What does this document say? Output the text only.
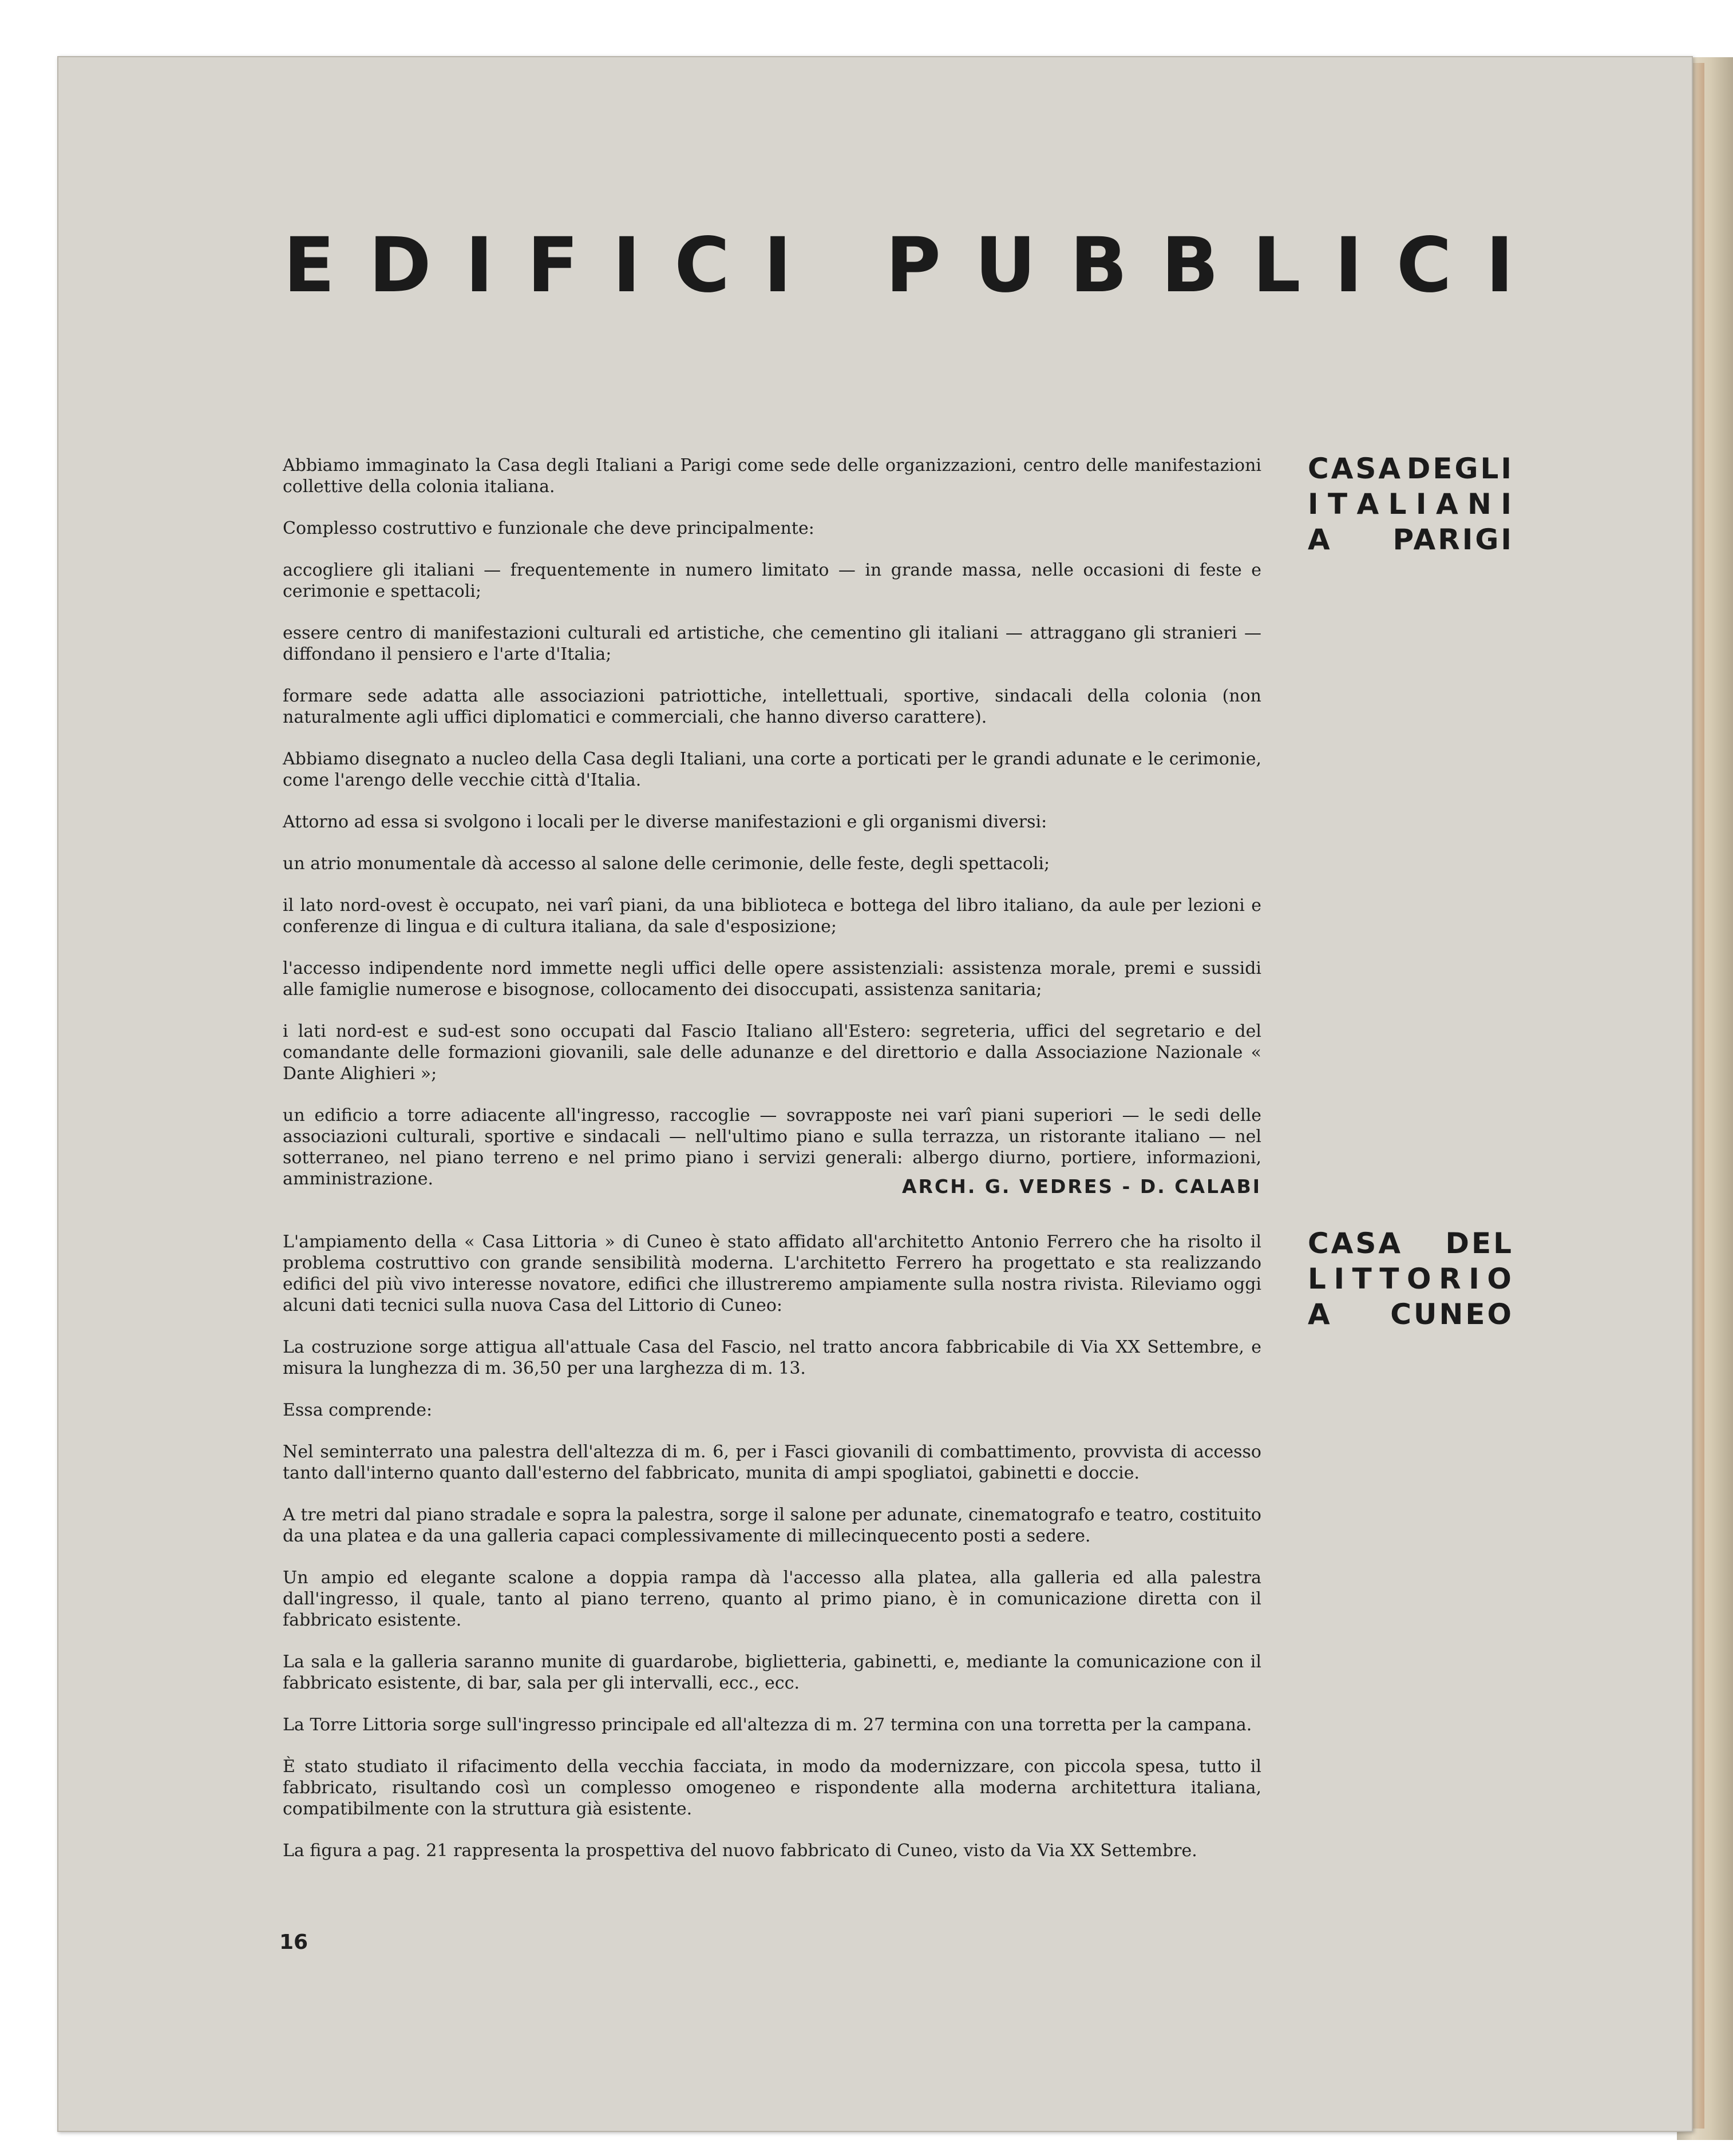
E D I F I C I
P U B B L I C I
CASA DEGLI
I T A L I A N I
A PARIGI

Abbiamo immaginato la Casa degli Italiani a Parigi come sede delle organizzazioni, centro delle manifestazioni collettive della colonia italiana.

Complesso costruttivo e funzionale che deve principalmente:

accogliere gli italiani — frequentemente in numero limitato — in grande massa, nelle occasioni di feste e cerimonie e spettacoli;

essere centro di manifestazioni culturali ed artistiche, che cementino gli italiani — attraggano gli stranieri — diffondano il pensiero e l'arte d'Italia;

formare sede adatta alle associazioni patriottiche, intellettuali, sportive, sindacali della colonia (non naturalmente agli uffici diplomatici e commerciali, che hanno diverso carattere).

Abbiamo disegnato a nucleo della Casa degli Italiani, una corte a porticati per le grandi adunate e le cerimonie, come l'arengo delle vecchie città d'Italia.

Attorno ad essa si svolgono i locali per le diverse manifestazioni e gli organismi diversi:

un atrio monumentale dà accesso al salone delle cerimonie, delle feste, degli spettacoli;

il lato nord-ovest è occupato, nei varî piani, da una biblioteca e bottega del libro italiano, da aule per lezioni e conferenze di lingua e di cultura italiana, da sale d'esposizione;

l'accesso indipendente nord immette negli uffici delle opere assistenziali: assistenza morale, premi e sussidi alle famiglie numerose e bisognose, collocamento dei disoccupati, assistenza sanitaria;

i lati nord-est e sud-est sono occupati dal Fascio Italiano all'Estero: segreteria, uffici del segretario e del comandante delle formazioni giovanili, sale delle adunanze e del direttorio e dalla Associazione Nazionale « Dante Alighieri »;

un edificio a torre adiacente all'ingresso, raccoglie — sovrapposte nei varî piani superiori — le sedi delle associazioni culturali, sportive e sindacali — nell'ultimo piano e sulla terrazza, un ristorante italiano — nel sotterraneo, nel piano terreno e nel primo piano i servizi generali: albergo diurno, portiere, informazioni, amministrazione.	ARCH. G. VEDRES - D. CALABI

CASA DEL
L I T T O R I O
A CUNEO

L'ampiamento della « Casa Littoria » di Cuneo è stato affidato all'architetto Antonio Ferrero che ha risolto il problema costruttivo con grande sensibilità moderna. L'architetto Ferrero ha progettato e sta realizzando edifici del più vivo interesse novatore, edifici che illustreremo ampiamente sulla nostra rivista. Rileviamo oggi alcuni dati tecnici sulla nuova Casa del Littorio di Cuneo:

La costruzione sorge attigua all'attuale Casa del Fascio, nel tratto ancora fabbricabile di Via XX Settembre, e misura la lunghezza di m. 36,50 per una larghezza di m. 13.

Essa comprende:

Nel seminterrato una palestra dell'altezza di m. 6, per i Fasci giovanili di combattimento, provvista di accesso tanto dall'interno quanto dall'esterno del fabbricato, munita di ampi spogliatoi, gabinetti e doccie.

A tre metri dal piano stradale e sopra la palestra, sorge il salone per adunate, cinematografo e teatro, costituito da una platea e da una galleria capaci complessivamente di millecinquecento posti a sedere.

Un ampio ed elegante scalone a doppia rampa dà l'accesso alla platea, alla galleria ed alla palestra dall'ingresso, il quale, tanto al piano terreno, quanto al primo piano, è in comunicazione diretta con il fabbricato esistente.

La sala e la galleria saranno munite di guardarobe, biglietteria, gabinetti, e, mediante la comunicazione con il fabbricato esistente, di bar, sala per gli intervalli, ecc., ecc.

La Torre Littoria sorge sull'ingresso principale ed all'altezza di m. 27 termina con una torretta per la campana.

È stato studiato il rifacimento della vecchia facciata, in modo da modernizzare, con piccola spesa, tutto il fabbricato, risultando così un complesso omogeneo e rispondente alla moderna architettura italiana, compatibilmente con la struttura già esistente.

La figura a pag. 21 rappresenta la prospettiva del nuovo fabbricato di Cuneo, visto da Via XX Settembre.

16
